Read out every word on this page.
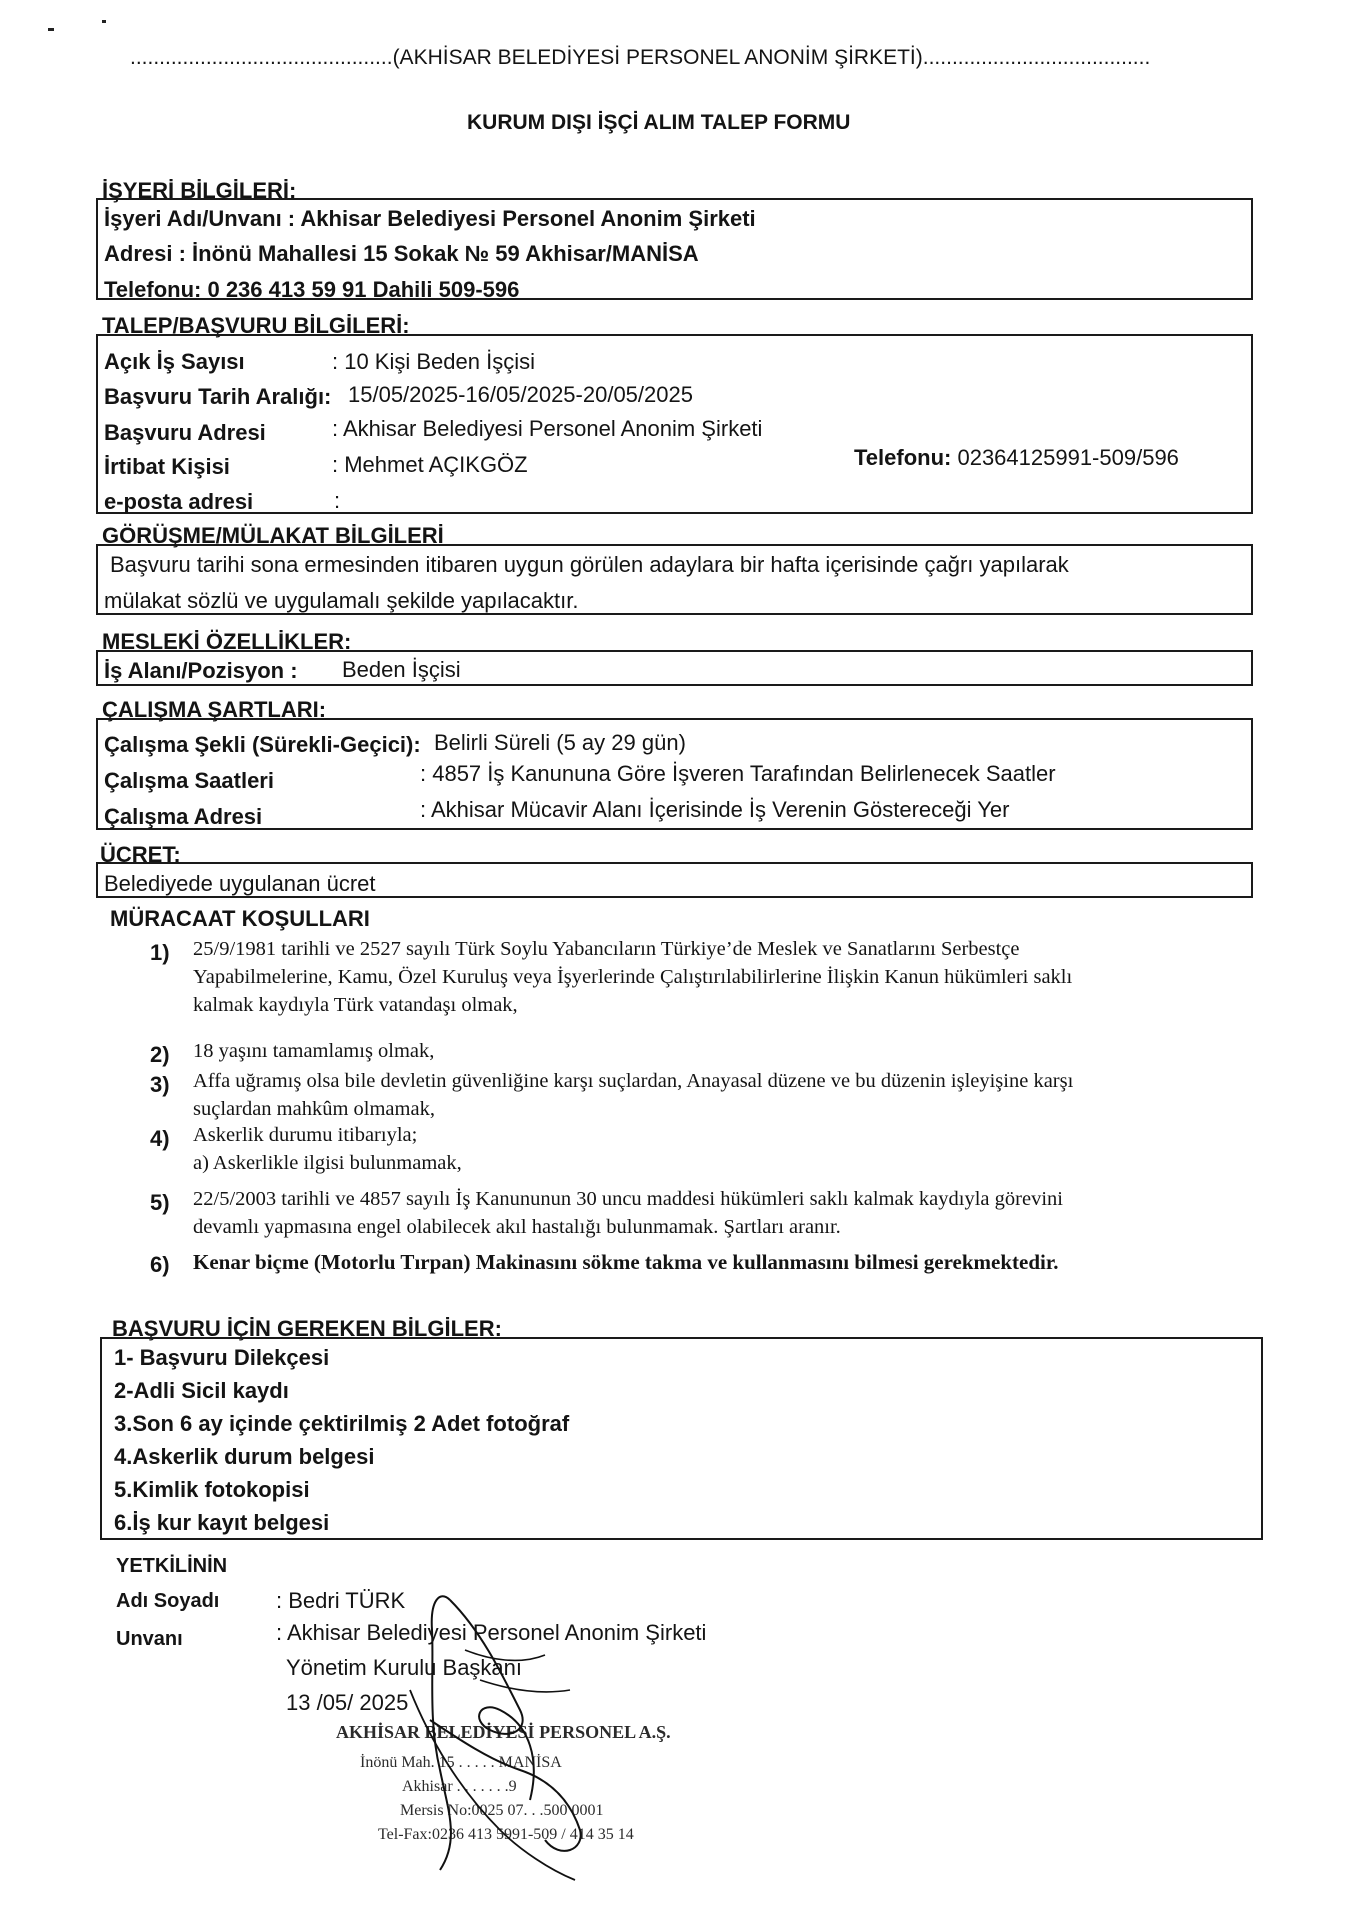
.............................................(AKHİSAR BELEDİYESİ PERSONEL ANONİM ŞİRKETİ).......................................
KURUM DIŞI İŞÇİ ALIM TALEP FORMU
İŞYERİ BİLGİLERİ:
İşyeri Adı/Unvanı : Akhisar Belediyesi Personel Anonim Şirketi
Adresi : İnönü Mahallesi 15 Sokak № 59 Akhisar/MANİSA
Telefonu: 0 236 413 59 91 Dahili 509-596
TALEP/BAŞVURU BİLGİLERİ:
Açık İş Sayısı	: 10 Kişi Beden İşçisi
Başvuru Tarih Aralığı: 15/05/2025-16/05/2025-20/05/2025
Başvuru Adresi	: Akhisar Belediyesi Personel Anonim Şirketi
İrtibat Kişisi	: Mehmet AÇIKGÖZ	Telefonu: 02364125991-509/596
e-posta adresi	:
GÖRÜŞME/MÜLAKAT BİLGİLERİ
Başvuru tarihi sona ermesinden itibaren uygun görülen adaylara bir hafta içerisinde çağrı yapılarak
mülakat sözlü ve uygulamalı şekilde yapılacaktır.
MESLEKİ ÖZELLİKLER:
İş Alanı/Pozisyon : Beden İşçisi
ÇALIŞMA ŞARTLARI:
Çalışma Şekli (Sürekli-Geçici): Belirli Süreli (5 ay 29 gün)
Çalışma Saatleri	: 4857 İş Kanununa Göre İşveren Tarafından Belirlenecek Saatler
Çalışma Adresi	: Akhisar Mücavir Alanı İçerisinde İş Verenin Göstereceği Yer
ÜCRET:
Belediyede uygulanan ücret
MÜRACAAT KOŞULLARI
1) 25/9/1981 tarihli ve 2527 sayılı Türk Soylu Yabancıların Türkiye’de Meslek ve Sanatlarını Serbestçe
Yapabilmelerine, Kamu, Özel Kuruluş veya İşyerlerinde Çalıştırılabilirlerine İlişkin Kanun hükümleri saklı
kalmak kaydıyla Türk vatandaşı olmak,
2) 18 yaşını tamamlamış olmak,
3) Affa uğramış olsa bile devletin güvenliğine karşı suçlardan, Anayasal düzene ve bu düzenin işleyişine karşı
suçlardan mahkûm olmamak,
4) Askerlik durumu itibarıyla;
a) Askerlikle ilgisi bulunmamak,
5) 22/5/2003 tarihli ve 4857 sayılı İş Kanununun 30 uncu maddesi hükümleri saklı kalmak kaydıyla görevini
devamlı yapmasına engel olabilecek akıl hastalığı bulunmamak. Şartları aranır.
6) Kenar biçme (Motorlu Tırpan) Makinasını sökme takma ve kullanmasını bilmesi gerekmektedir.
BAŞVURU İÇİN GEREKEN BİLGİLER:
1- Başvuru Dilekçesi
2-Adli Sicil kaydı
3.Son 6 ay içinde çektirilmiş 2 Adet fotoğraf
4.Askerlik durum belgesi
5.Kimlik fotokopisi
6.İş kur kayıt belgesi
YETKİLİNİN
Adı Soyadı	: Bedri TÜRK
Unvanı	: Akhisar Belediyesi Personel Anonim Şirketi
Yönetim Kurulu Başkanı
13 /05/ 2025
AKHİSAR BELEDİYESİ PERSONEL A.Ş.
İnönü Mah. 15 . . . . . MANİSA
Akhisar . . . . . . .9
Mersis No:0025 07. . .500 0001
Tel-Fax:0236 413 5991-509 / 414 35 14
